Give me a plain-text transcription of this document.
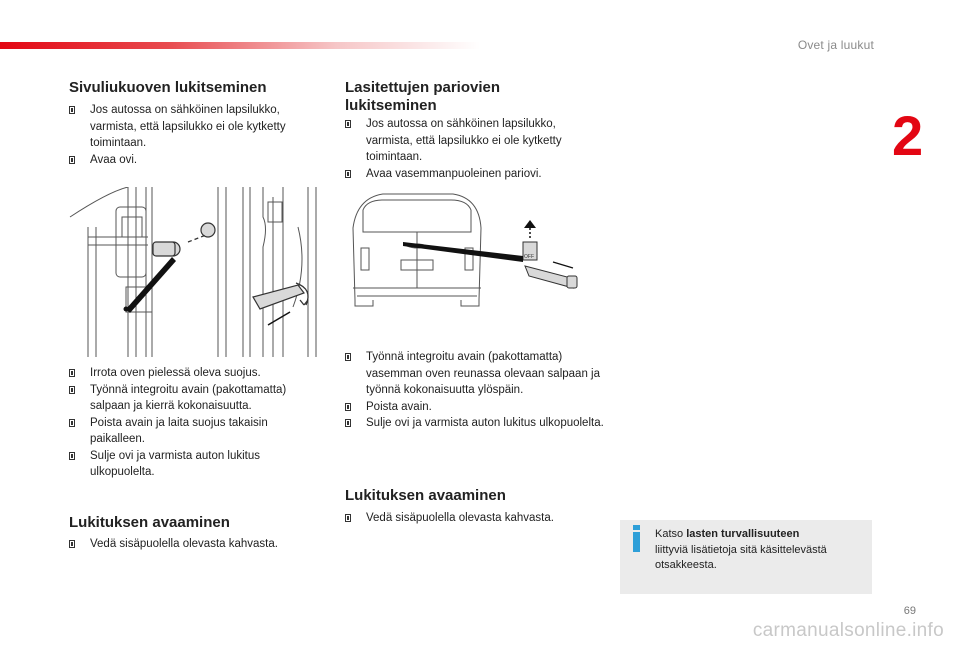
Ovet ja luukut
2
Sivuliukuoven lukitseminen
Jos autossa on sähköinen lapsilukko, varmista, että lapsilukko ei ole kytketty toimintaan.
Avaa ovi.
Irrota oven pielessä oleva suojus.
Työnnä integroitu avain (pakottamatta) salpaan ja kierrä kokonaisuutta.
Poista avain ja laita suojus takaisin paikalleen.
Sulje ovi ja varmista auton lukitus ulkopuolelta.
Lukituksen avaaminen
Vedä sisäpuolella olevasta kahvasta.
Lasitettujen pariovien
lukitseminen
Jos autossa on sähköinen lapsilukko, varmista, että lapsilukko ei ole kytketty toimintaan.
Avaa vasemmanpuoleinen pariovi.
OFF
Työnnä integroitu avain (pakottamatta) vasemman oven reunassa olevaan salpaan ja työnnä kokonaisuutta ylöspäin.
Poista avain.
Sulje ovi ja varmista auton lukitus ulkopuolelta.
Lukituksen avaaminen
Vedä sisäpuolella olevasta kahvasta.
Katso lasten turvallisuuteen
liittyviä lisätietoja sitä käsittelevästä otsakkeesta.
69
carmanualsonline.info
